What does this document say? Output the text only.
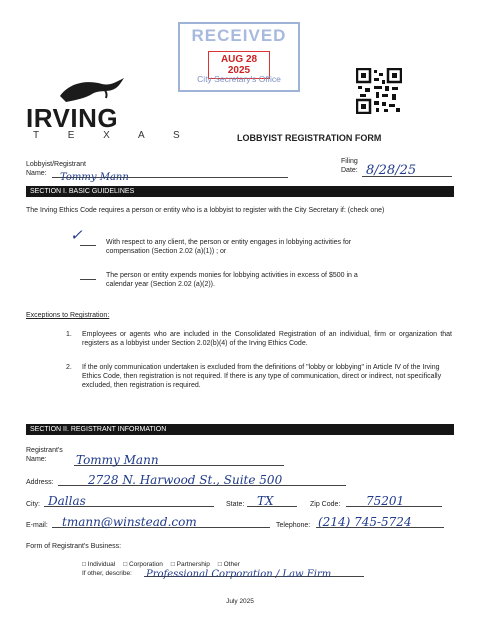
RECEIVED
AUG 28 2025
City Secretary's Office
IRVING
T E X A S	LOBBYIST REGISTRATION FORM
Lobbyist/Registrant
Name:	Tommy Mann
Filing
Date: 8/28/25
SECTION I. BASIC GUIDELINES
The Irving Ethics Code requires a person or entity who is a lobbyist to register with the City Secretary if: (check one)
✓	With respect to any client, the person or entity engages in lobbying activities for compensation (Section 2.02 (a)(1)) ; or
The person or entity expends monies for lobbying activities in excess of $500 in a calendar year (Section 2.02 (a)(2)).
Exceptions to Registration:
1. Employees or agents who are included in the Consolidated Registration of an individual, firm or organization that registers as a lobbyist under Section 2.02(b)(4) of the Irving Ethics Code.
2. If the only communication undertaken is excluded from the definitions of "lobby or lobbying" in Article IV of the Irving Ethics Code, then registration is not required. If there is any type of communication, direct or indirect, not specifically excluded, then registration is required.
SECTION II. REGISTRANT INFORMATION
Registrant's
Name:	Tommy Mann
Address:	2728 N. Harwood St., Suite 500
City: Dallas	State:	TX	Zip Code:	75201
E-mail:	tmann@winstead.com	Telephone: (214) 745-5724
Form of Registrant's Business:
□ Individual □ Corporation □ Partnership □ Other
If other, describe: Professional Corporation / Law Firm
July 2025
